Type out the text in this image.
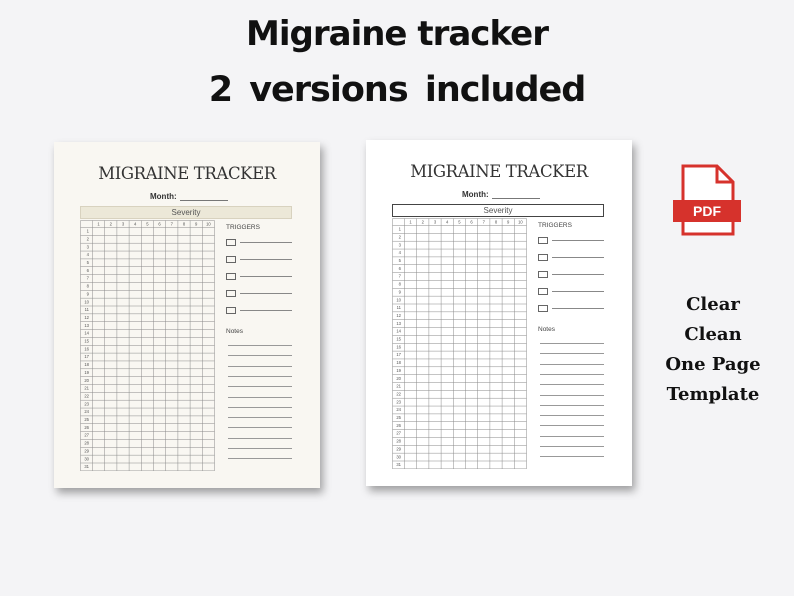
Migraine tracker
2 versions included
MIGRAINE TRACKER
Month:
Severity
1 2 3 4 5 6 7 8 9 10
1
2
3
4
5
6
7
8
9
10
11
12
13
14
15
16
17
18
19
20
21
22
23
24
25
26
27
28
29
30
31
TRIGGERS
Notes
MIGRAINE TRACKER
Month:
Severity
1 2 3 4 5 6 7 8 9 10
1
2
3
4
5
6
7
8
9
10
11
12
13
14
15
16
17
18
19
20
21
22
23
24
25
26
27
28
29
30
31
TRIGGERS
Notes
PDF
Clear
Clean
One Page
Template
